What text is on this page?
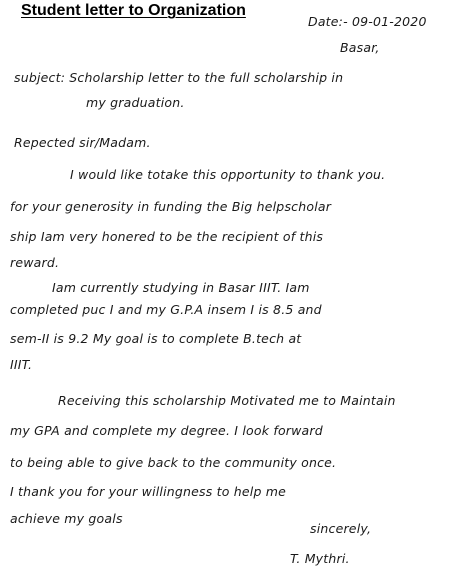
Student letter to Organization
Date:- 09-01-2020
Basar,
subject: Scholarship letter to the full scholarship in
my graduation.
Repected sir/Madam.
I would like totake this opportunity to thank you.
for your generosity in funding the Big helpscholar
ship Iam very honered to be the recipient of this
reward.
Iam currently studying in Basar IIIT. Iam
completed puc I and my G.P.A insem I is 8.5 and
sem-II is 9.2 My goal is to complete B.tech at
IIIT.
Receiving this scholarship Motivated me to Maintain
my GPA and complete my degree. I look forward
to being able to give back to the community once.
I thank you for your willingness to help me
achieve my goals
sincerely,
T. Mythri.
